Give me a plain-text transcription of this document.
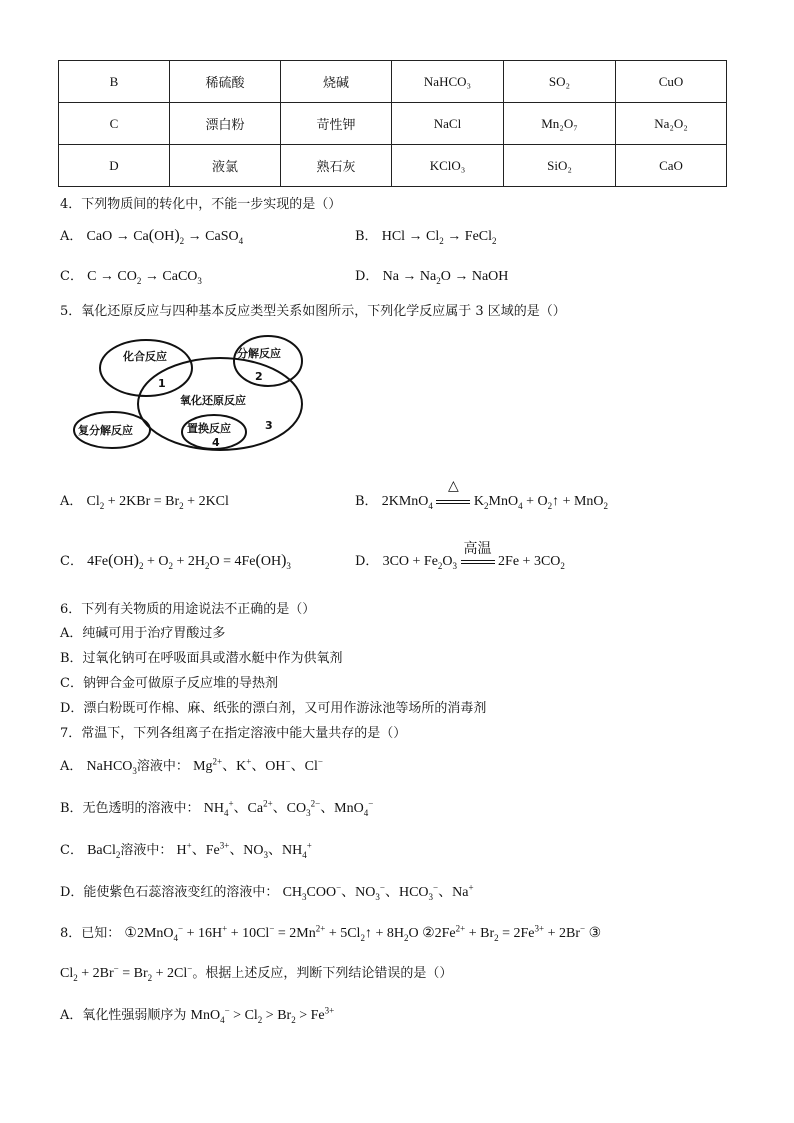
B	稀硫酸	烧碱	NaHCO₃	SO₂	CuO
C	漂白粉	苛性钾	NaCl	Mn₂O₇	Na₂O₂
D	液氯	熟石灰	KClO₃	SiO₂	CaO
4．下列物质间的转化中，不能一步实现的是（）
A． CaO → $Ca(OH)_2$ → CaSO$_4$	B． HCl → $Cl_2$ → FeCl$_2$
C． $C \to CO_2$ → CaCO$_3$	D． $Na \to Na_2O$ → NaOH
5．氧化还原反应与四种基本反应类型关系如图所示，下列化学反应属于 3 区域的是（）
化合反应	分解反应
氧化还原反应
复分解反应	置换反应
1
2
3
4
A． $Cl_2 + 2KBr = Br_2 + 2KCl$	B． 2KMnO$_4$
△
$K_2MnO_4$ + $O_2↑ + MnO_2$
C． $4Fe(OH)_2 + O_2 + 2H_2O = 4Fe(OH)_3$	D． $3CO + Fe_2O_3$
高温
$2Fe + 3CO_2$
6．下列有关物质的用途说法不正确的是（）
A．纯碱可用于治疗胃酸过多
B．过氧化钠可在呼吸面具或潜水艇中作为供氧剂
C．钠钾合金可做原子反应堆的导热剂
D．漂白粉既可作棉、麻、纸张的漂白剂，又可用作游泳池等场所的消毒剂
7．常温下，下列各组离子在指定溶液中能大量共存的是（）
A． NaHCO$_3$溶液中： $Mg^{2+}$、K+、OH−、Cl−
B．无色透明的溶液中： $NH_4^+$、$Ca^{2+}$、$CO_3^{2-}$、MnO$_4$−
C． BaCl$_2$溶液中： H+、$Fe^{3+}$、$NO_3$、$NH_4^+$
D．能使紫色石蕊溶液变红的溶液中： $CH_3COO^-$、$NO_3^-$、$HCO_3^-$、Na+
8．已知： ①2MnO$_4$− + $16H^+ + 10Cl^- = 2Mn^{2+}$ + $5Cl_2↑ + 8H_2O$ $②2Fe^{2+} + Br_2 = 2Fe^{3+} + 2Br^-$ ③
$Cl_2 + 2Br^- = Br_2 + 2Cl^-$。根据上述反应，判断下列结论错误的是（）
A．氧化性强弱顺序为 $MnO_4^- > Cl_2 > Br_2 > Fe^{3+}$
